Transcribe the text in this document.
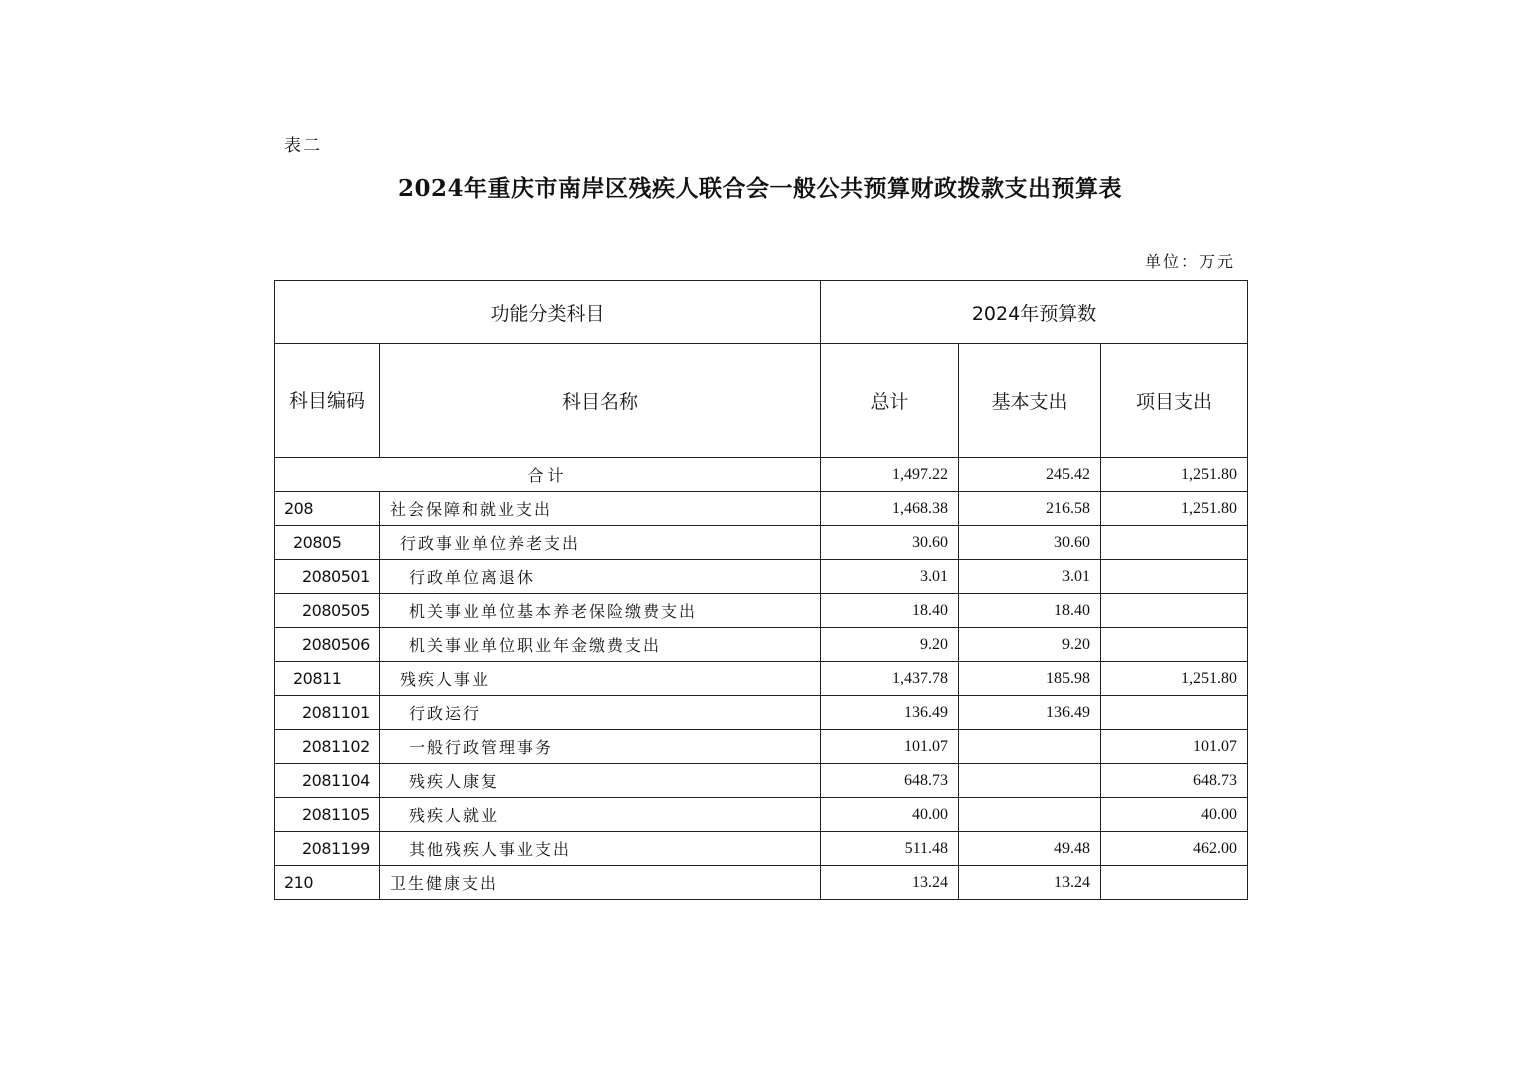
表二
2024年重庆市南岸区残疾人联合会一般公共预算财政拨款支出预算表
单位：万元
功能分类科目		2024年预算数		
科目编码	科目名称	总计	基本支出	项目支出
合计		1,497.22	245.42	1,251.80
208	社会保障和就业支出	1,468.38	216.58	1,251.80
20805	行政事业单位养老支出	30.60	30.60	
2080501	行政单位离退休	3.01	3.01	
2080505	机关事业单位基本养老保险缴费支出	18.40	18.40	
2080506	机关事业单位职业年金缴费支出	9.20	9.20	
20811	残疾人事业	1,437.78	185.98	1,251.80
2081101	行政运行	136.49	136.49	
2081102	一般行政管理事务	101.07		101.07
2081104	残疾人康复	648.73		648.73
2081105	残疾人就业	40.00		40.00
2081199	其他残疾人事业支出	511.48	49.48	462.00
210	卫生健康支出	13.24	13.24	
